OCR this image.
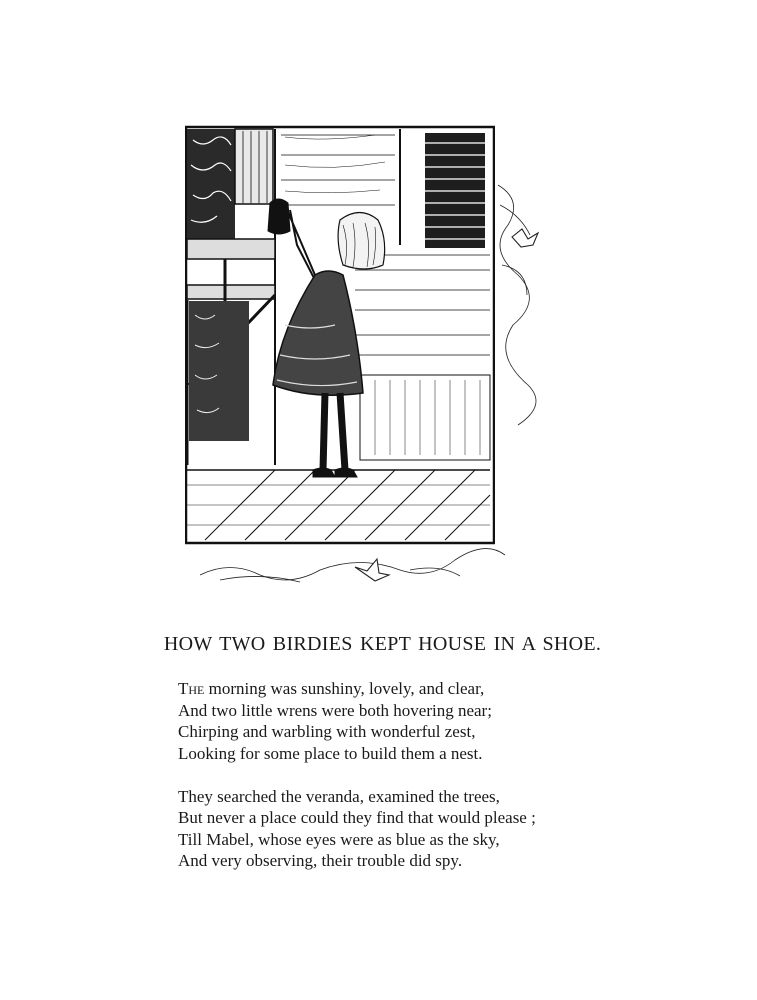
HOW TWO BIRDIES KEPT HOUSE IN A SHOE.
The morning was sunshiny, lovely, and clear,
And two little wrens were both hovering near;
Chirping and warbling with wonderful zest,
Looking for some place to build them a nest.
They searched the veranda, examined the trees,
But never a place could they find that would please ;
Till Mabel, whose eyes were as blue as the sky,
And very observing, their trouble did spy.
